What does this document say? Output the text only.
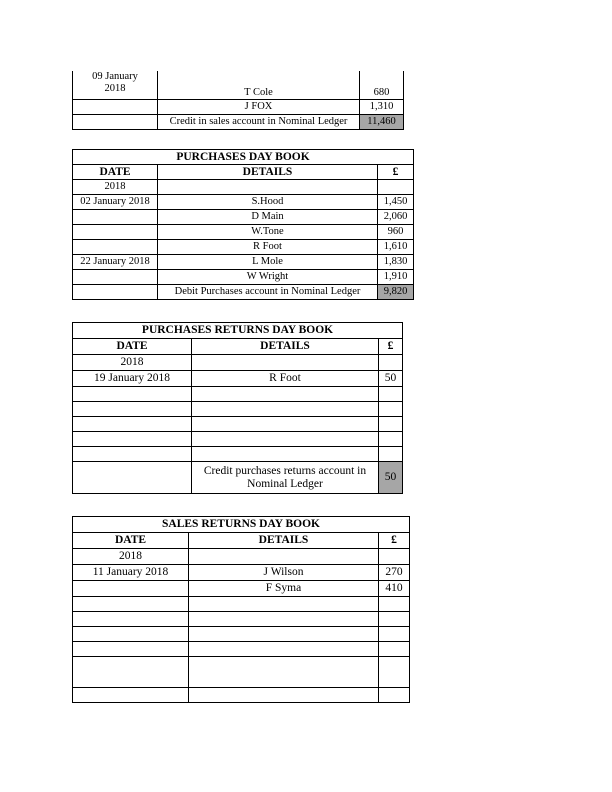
09 January 2018	T Cole	680
	J FOX	1,310
	Credit in sales account in Nominal Ledger	11,460
PURCHASES DAY BOOK		
DATE	DETAILS	£
2018		
02 January 2018	S.Hood	1,450
	D Main	2,060
	W.Tone	960
	R Foot	1,610
22 January 2018	L Mole	1,830
	W Wright	1,910
	Debit Purchases account in Nominal Ledger	9,820
PURCHASES RETURNS DAY BOOK		
DATE	DETAILS	£
2018		
19 January 2018	R Foot	50

	Credit purchases returns account in Nominal Ledger	50
SALES RETURNS DAY BOOK		
DATE	DETAILS	£
2018		
11 January 2018	J Wilson	270
	F Syma	410
